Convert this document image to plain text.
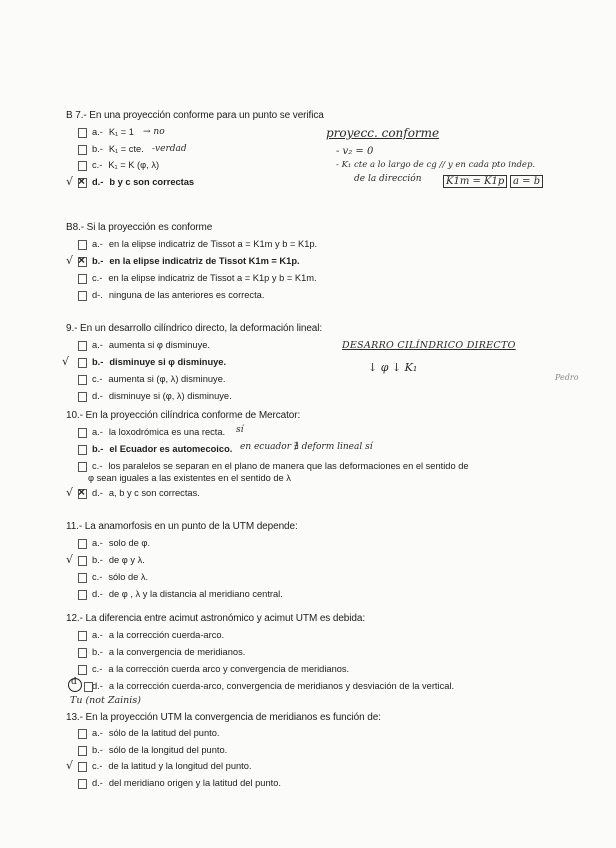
B 7.- En una proyección conforme para un punto se verifica
a.- K₁ = 1 → no
b.- K₁ = cte. -verdad
c.- K₁ = K (φ, λ)
√ × d.- b y c son correctas
proyecc. conforme
- v₂ = 0
- K₁ cte a lo largo de cg // y en cada pto indep.
de la dirección	K1m = K1p a = b
B8.- Si la proyección es conforme
a.- en la elipse indicatriz de Tissot a = K1m y b = K1p.
√ × b.- en la elipse indicatriz de Tissot K1m = K1p.
c.- en la elipse indicatriz de Tissot a = K1p y b = K1m.
d-. ninguna de las anteriores es correcta.
9.- En un desarrollo cilíndrico directo, la deformación lineal:
a.- aumenta si φ disminuye.
√ b.- disminuye si φ disminuye.
c.- aumenta si (φ, λ) disminuye.
d.- disminuye si (φ, λ) disminuye.
DESARRO CILÍNDRICO DIRECTO
↓ φ ↓ K₁
Pedro
10.- En la proyección cilíndrica conforme de Mercator:
a.- la loxodrómica es una recta. sí
b.- el Ecuador es automecoico. en ecuador ∄ deform lineal sí
c.- los paralelos se separan en el plano de manera que las deformaciones en el sentido de
φ sean iguales a las existentes en el sentido de λ
√ × d.- a, b y c son correctas.
11.- La anamorfosis en un punto de la UTM depende:
a.- solo de φ.
√ b.- de φ y λ.
c.- sólo de λ.
d.- de φ , λ y la distancia al meridiano central.
12.- La diferencia entre acimut astronómico y acimut UTM es debida:
a.- a la corrección cuerda-arco.
b.- a la convergencia de meridianos.
c.- a la corrección cuerda arco y convergencia de meridianos.
d d.- a la corrección cuerda-arco, convergencia de meridianos y desviación de la vertical.
Tu (not Zainis)
13.- En la proyección UTM la convergencia de meridianos es función de:
a.- sólo de la latitud del punto.
b.- sólo de la longitud del punto.
√ c.- de la latitud y la longitud del punto.
d.- del meridiano origen y la latitud del punto.
